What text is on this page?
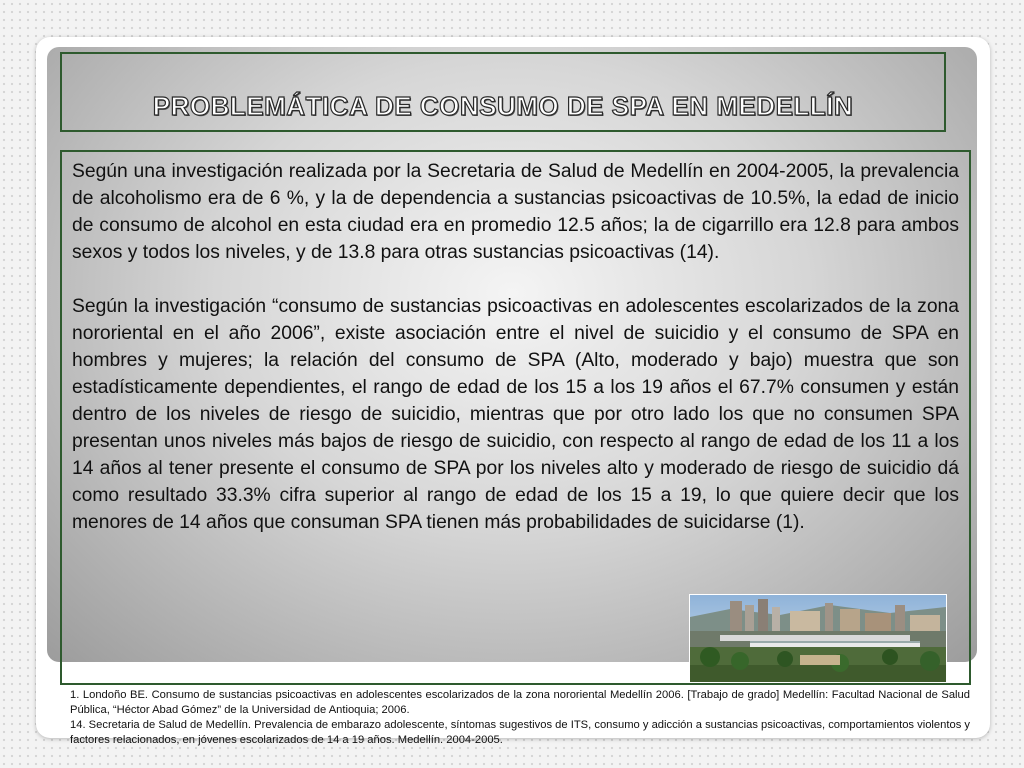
PROBLEMÁTICA DE CONSUMO DE SPA EN MEDELLÍN

Según una investigación realizada por la Secretaria de Salud de Medellín en 2004-2005, la prevalencia de alcoholismo era de 6 %, y la de dependencia a sustancias psicoactivas de 10.5%, la edad de inicio de consumo de alcohol en esta ciudad era en promedio 12.5 años; la de cigarrillo era 12.8 para ambos sexos y todos los niveles, y de 13.8 para otras sustancias psicoactivas (14).

Según la investigación “consumo de sustancias psicoactivas en adolescentes escolarizados de la zona nororiental en el año 2006”, existe asociación entre el nivel de suicidio y el consumo de SPA en hombres y mujeres; la relación del consumo de SPA (Alto, moderado y bajo) muestra que son estadísticamente dependientes, el rango de edad de los 15 a los 19 años el 67.7% consumen y están dentro de los niveles de riesgo de suicidio, mientras que por otro lado los que no consumen SPA presentan unos niveles más bajos de riesgo de suicidio, con respecto al rango de edad de los 11 a los 14 años al tener presente el consumo de SPA por los niveles alto y moderado de riesgo de suicidio dá como resultado 33.3% cifra superior al rango de edad de los 15 a 19, lo que quiere decir que los menores de 14 años que consuman SPA tienen más probabilidades de suicidarse (1).

1. Londoño BE. Consumo de sustancias psicoactivas en adolescentes escolarizados de la zona nororiental Medellín 2006. [Trabajo de grado] Medellín: Facultad Nacional de Salud Pública, “Héctor Abad Gómez” de la Universidad de Antioquia; 2006.
14. Secretaria de Salud de Medellín. Prevalencia de embarazo adolescente, síntomas sugestivos de ITS, consumo y adicción a sustancias psicoactivas, comportamientos violentos y factores relacionados, en jóvenes escolarizados de 14 a 19 años. Medellín. 2004-2005.
